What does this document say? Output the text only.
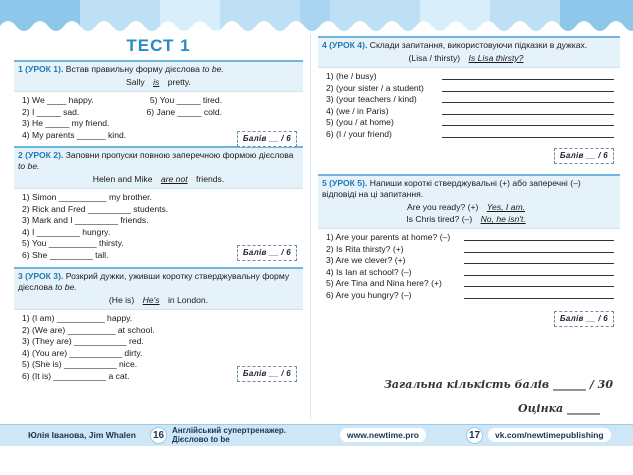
ТЕСТ 1
1 (УРОК 1). Встав правильну форму дієслова to be.
Sally is pretty.
1) We ____ happy.	5) You _____ tired.
2) I _____ sad.	6) Jane _____ cold.
3) He _____ my friend.
4) My parents ______ kind.	Балів __ / 6
2 (УРОК 2). Заповни пропуски повною заперечною формою дієслова to be.
Helen and Mike are not friends.
1) Simon __________ my brother.
2) Rick and Fred _________ students.
3) Mark and I _________ friends.
4) I _________ hungry.
5) You __________ thirsty.
6) She _________ tall.	Балів __ / 6
3 (УРОК 3). Розкрий дужки, уживши коротку стверджувальну форму дієслова to be.
(He is) He's in London.
1) (I am) __________ happy.
2) (We are) __________ at school.
3) (They are) ___________ red.
4) (You are) ___________ dirty.
5) (She is) ___________ nice.
6) (It is) ___________ a cat.	Балів __ / 6
4 (УРОК 4). Склади запитання, використовуючи підказки в дужках.
(Lisa / thirsty) Is Lisa thirsty?
1) (he / busy)
2) (your sister / a student)
3) (your teachers / kind)
4) (we / in Paris)
5) (you / at home)
6) (I / your friend)
Балів __ / 6
5 (УРОК 5). Напиши короткі стверджувальні (+) або заперечні (–) відповіді на ці запитання.
Are you ready? (+) Yes, I am.
Is Chris tired? (–) No, he isn't.
1) Are your parents at home? (–)
2) Is Rita thirsty? (+)
3) Are we clever? (+)
4) Is Ian at school? (–)
5) Are Tina and Nina here? (+)
6) Are you hungry? (–)
Балів __ / 6
Загальна кількість балів ______ / 30
Оцінка ______
Юлія Іванова, Jim Whalen 16 Англійський супертренажер.
Дієслово to be	www.newtime.pro	17	vk.com/newtimepublishing
